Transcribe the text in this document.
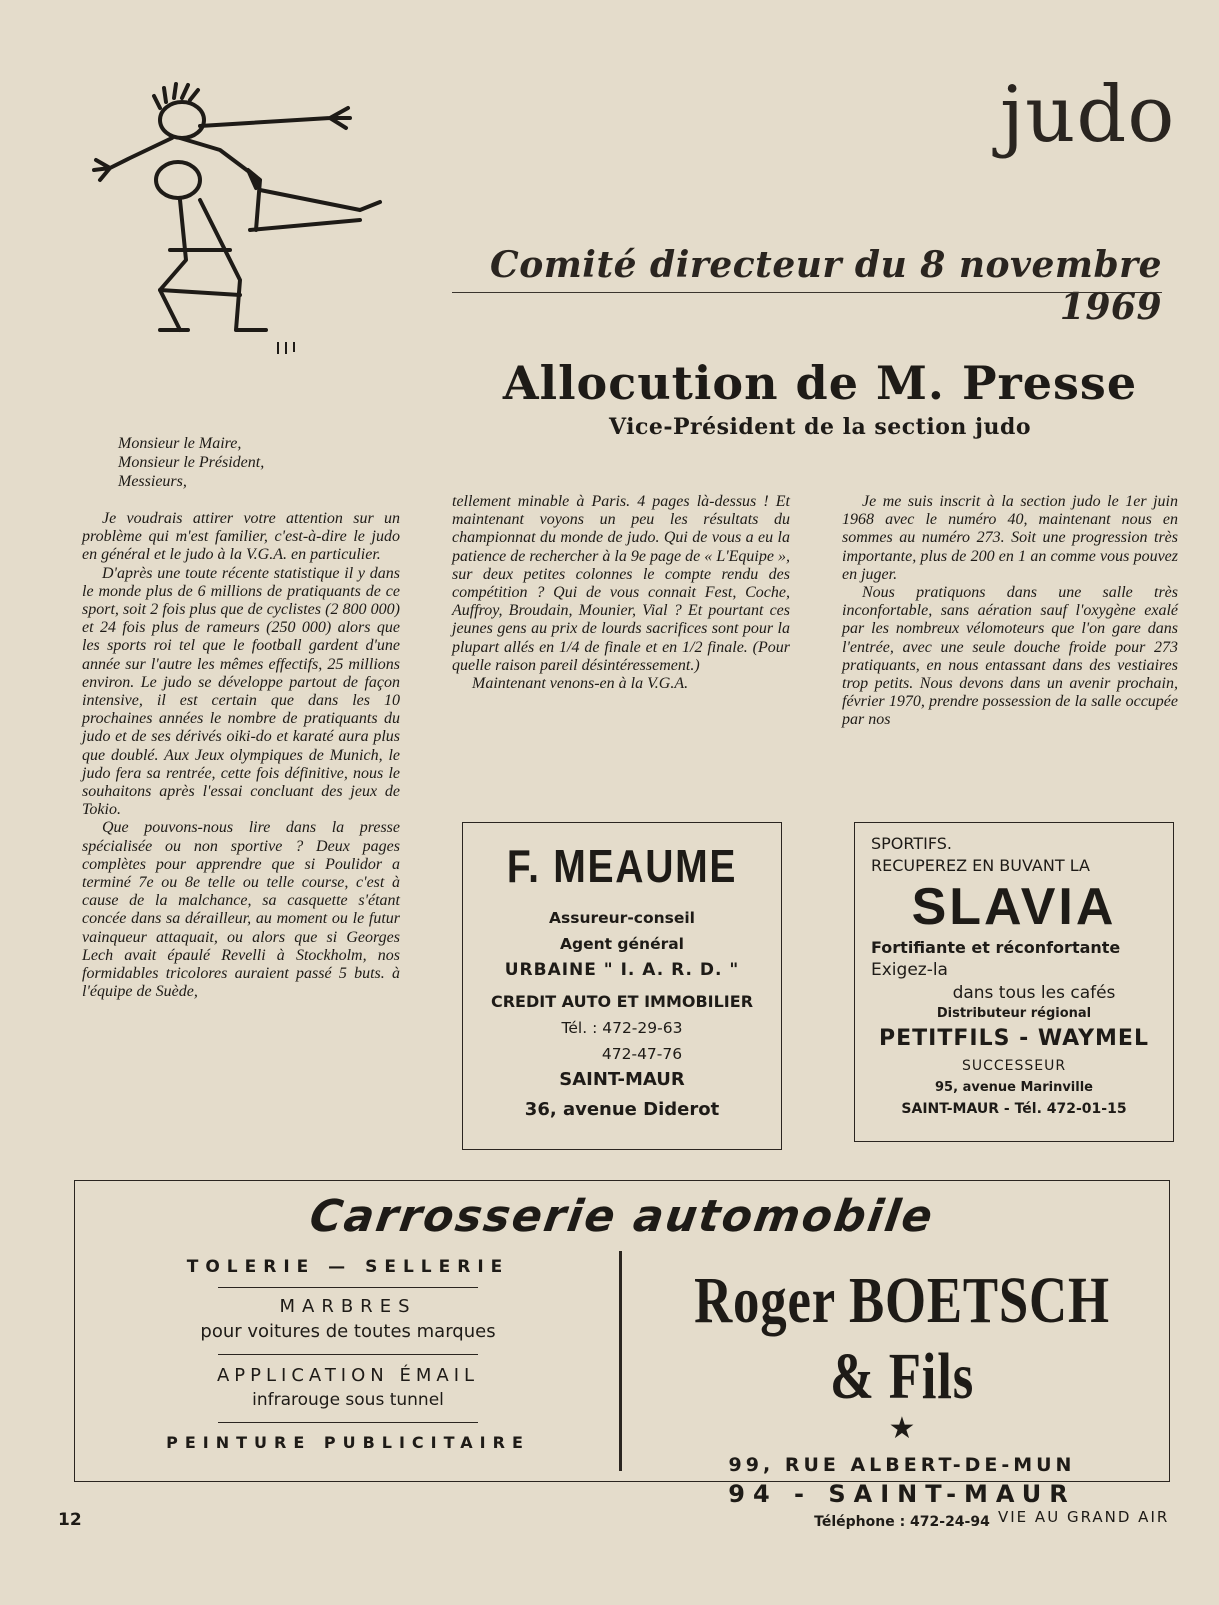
judo
Comité directeur du 8 novembre 1969
Allocution de M. Presse
Vice-Président de la section judo
Monsieur le Maire,
Monsieur le Président,
Messieurs,

Je voudrais attirer votre attention sur un problème qui m'est familier, c'est-à-dire le judo en général et le judo à la V.G.A. en particulier.

D'après une toute récente statistique il y dans le monde plus de 6 millions de pratiquants de ce sport, soit 2 fois plus que de cyclistes (2 800 000) et 24 fois plus de rameurs (250 000) alors que les sports roi tel que le football gardent d'une année sur l'autre les mêmes effectifs, 25 millions environ. Le judo se développe partout de façon intensive, il est certain que dans les 10 prochaines années le nombre de pratiquants du judo et de ses dérivés oiki-do et karaté aura plus que doublé. Aux Jeux olympiques de Munich, le judo fera sa rentrée, cette fois définitive, nous le souhaitons après l'essai concluant des jeux de Tokio.

Que pouvons-nous lire dans la presse spécialisée ou non sportive ? Deux pages complètes pour apprendre que si Poulidor a terminé 7e ou 8e telle ou telle course, c'est à cause de la malchance, sa casquette s'étant concée dans sa dérailleur, au moment ou le futur vainqueur attaquait, ou alors que si Georges Lech avait épaulé Revelli à Stockholm, nos formidables tricolores auraient passé 5 buts. à l'équipe de Suède,

tellement minable à Paris. 4 pages là-dessus ! Et maintenant voyons un peu les résultats du championnat du monde de judo. Qui de vous a eu la patience de rechercher à la 9e page de « L'Equipe », sur deux petites colonnes le compte rendu des compétition ? Qui de vous connait Fest, Coche, Auffroy, Broudain, Mounier, Vial ? Et pourtant ces jeunes gens au prix de lourds sacrifices sont pour la plupart allés en 1/4 de finale et en 1/2 finale. (Pour quelle raison pareil désintéressement.)

Maintenant venons-en à la V.G.A.

Je me suis inscrit à la section judo le 1er juin 1968 avec le numéro 40, maintenant nous en sommes au numéro 273. Soit une progression très importante, plus de 200 en 1 an comme vous pouvez en juger.

Nous pratiquons dans une salle très inconfortable, sans aération sauf l'oxygène exalé par les nombreux vélomoteurs que l'on gare dans l'entrée, avec une seule douche froide pour 273 pratiquants, en nous entassant dans des vestiaires trop petits. Nous devons dans un avenir prochain, février 1970, prendre possession de la salle occupée par nos

F. MEAUME
Assureur-conseil
Agent général
URBAINE " I. A. R. D. "
CREDIT AUTO ET IMMOBILIER
Tél. : 472-29-63
472-47-76
SAINT-MAUR
36, avenue Diderot
SPORTIFS.
RECUPEREZ EN BUVANT LA
SLAVIA
Fortifiante et réconfortante
Exigez-la
dans tous les cafés
Distributeur régional
PETITFILS - WAYMEL
SUCCESSEUR
95, avenue Marinville
SAINT-MAUR - Tél. 472-01-15
Carrosserie automobile
TOLERIE — SELLERIE
MARBRES
pour voitures de toutes marques
APPLICATION ÉMAIL
infrarouge sous tunnel
PEINTURE PUBLICITAIRE
Roger BOETSCH & Fils
★
99, RUE ALBERT-DE-MUN
94 - SAINT-MAUR
Téléphone : 472-24-94
12	VIE AU GRAND AIR
